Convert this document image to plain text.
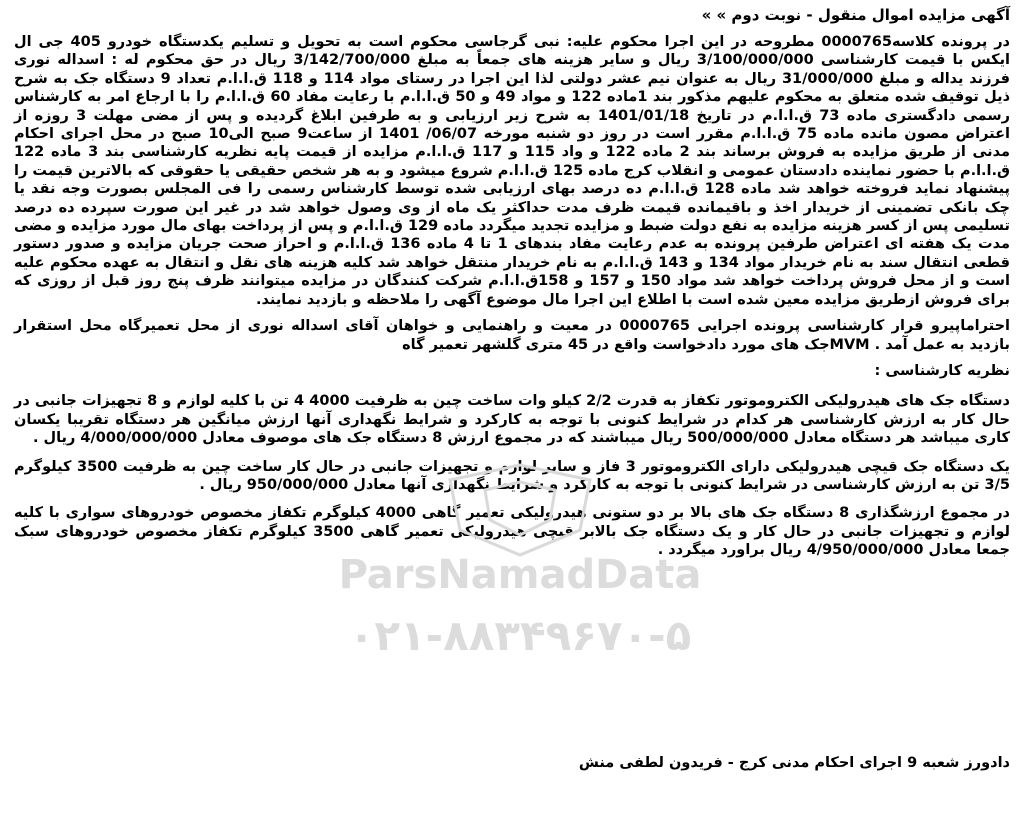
آگهی مزایده اموال منقول - نوبت دوم » »

در پرونده کلاسه0000765 مطروحه در این اجرا محکوم علیه: نبی گرجاسی محکوم است به تحویل و تسلیم یکدستگاه خودرو 405 جی ال ایکس با قیمت کارشناسی 3/100/000/000 ریال و سایر هزینه های جمعاً به مبلغ 3/142/700/000 ریال در حق محکوم له : اسداله نوری فرزند یداله و مبلغ 31/000/000 ریال به عنوان نیم عشر دولتی لذا این اجرا در رستای مواد 114 و 118 ق.ا.ا.م تعداد 9 دستگاه جک به شرح ذیل توقیف شده متعلق به محکوم علیهم مذکور بند 1ماده 122 و مواد 49 و 50 ق.ا.ا.م با رعایت مفاد 60 ق.ا.ا.م را با ارجاع امر به کارشناس رسمی دادگستری ماده 73 ق.ا.ا.م در تاریخ 1401/01/18 به شرح زیر ارزیابی و به طرفین ابلاغ گردیده و پس از مضی مهلت 3 روزه از اعتراض مصون مانده ماده 75 ق.ا.ا.م مقرر است در روز دو شنبه مورخه 06/07/ 1401 از ساعت9 صبح الی10 صبح در محل اجرای احکام مدنی از طریق مزایده به فروش برساند بند 2 ماده 122 و واد 115 و 117 ق.ا.ا.م مزایده از قیمت پایه نظریه کارشناسی بند 3 ماده 122 ق.ا.ا.م با حضور نماینده دادستان عمومی و انقلاب کرج ماده 125 ق.ا.ا.م شروع میشود و به هر شخص حقیقی یا حقوقی که بالاترین قیمت را پیشنهاد نماید فروخته خواهد شد ماده 128 ق.ا.ا.م ده درصد بهای ارزیابی شده توسط کارشناس رسمی را فی المجلس بصورت وجه نقد یا چک بانکی تضمینی از خریدار اخذ و باقیمانده قیمت ظرف مدت حداکثر یک ماه از وی وصول خواهد شد در غیر این صورت سپرده ده درصد تسلیمی پس از کسر هزینه مزایده به نفع دولت ضبط و مزایده تجدید میگردد ماده 129 ق.ا.ا.م و پس از پرداخت بهای مال مورد مزایده و مضی مدت یک هفته ای اعتراض طرفین پرونده به عدم رعایت مفاد بندهای 1 تا 4 ماده 136 ق.ا.ا.م و احراز صحت جریان مزایده و صدور دستور قطعی انتقال سند به نام خریدار مواد 134 و 143 ق.ا.ا.م به نام خریدار منتقل خواهد شد کلیه هزینه های نقل و انتقال به عهده محکوم علیه است و از محل فروش پرداخت خواهد شد مواد 150 و 157 و 158ق.ا.ا.م شرکت کنندگان در مزایده میتوانند ظرف پنج روز قبل از روزی که برای فروش ازطریق مزایده معین شده است با اطلاع این اجرا مال موضوع آگهی را ملاحظه و بازدید نمایند.

احتراماپیرو قرار کارشناسی پرونده اجرایی 0000765 در معیت و راهنمایی و خواهان آقای اسداله نوری از محل تعمیرگاه محل استقرار بازدید به عمل آمد . MVMجک های مورد دادخواست واقع در 45 متری گلشهر تعمیر گاه

نظریه کارشناسی :

دستگاه جک های هیدرولیکی الکتروموتور تکفاز به قدرت 2/2 کیلو وات ساخت چین به ظرفیت 4000 4 تن با کلیه لوازم و 8 تجهیزات جانبی در حال کار به ارزش کارشناسی هر کدام در شرایط کنونی با توجه به کارکرد و شرایط نگهداری آنها ارزش میانگین هر دستگاه تقریبا یکسان کاری میباشد هر دستگاه معادل 500/000/000 ریال میباشند که در مجموع ارزش 8 دستگاه جک های موصوف معادل 4/000/000/000 ریال .

یک دستگاه جک قیچی هیدرولیکی دارای الکتروموتور 3 فاز و سایر لوازم و تجهیزات جانبی در حال کار ساخت چین به ظرفیت 3500 کیلوگرم 3/5 تن به ارزش کارشناسی در شرایط کنونی با توجه به کارکرد و شرایط نگهداری آنها معادل 950/000/000 ریال .

در مجموع ارزشگذاری 8 دستگاه جک های بالا بر دو ستونی هیدرولیکی تعمیر گاهی 4000 کیلوگرم تکفاز مخصوص خودروهای سواری با کلیه لوازم و تجهیزات جانبی در حال کار و یک دستگاه جک بالابر قیچی هیدرولیکی تعمیر گاهی 3500 کیلوگرم تکفاز مخصوص خودروهای سبک جمعا معادل 4/950/000/000 ریال براورد میگردد .

دادورز شعبه 9 اجرای احکام مدنی کرج - فریدون لطفی منش

ParsNamadData
۰۲۱-۸۸۳۴۹۶۷۰-۵
